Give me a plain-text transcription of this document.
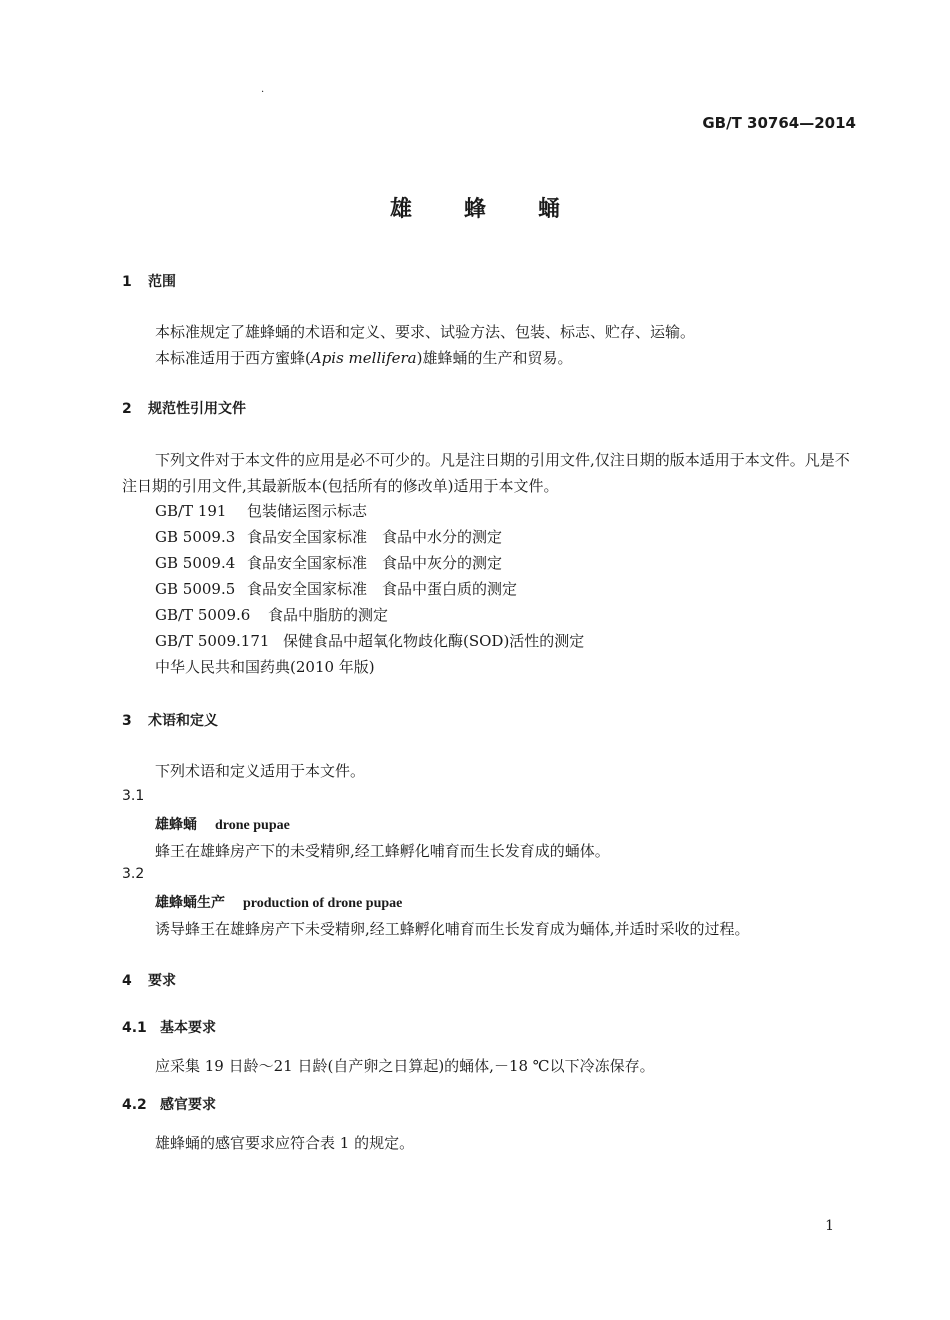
.
GB/T 30764—2014
雄 蜂 蛹
1 范围
本标准规定了雄蜂蛹的术语和定义、要求、试验方法、包装、标志、贮存、运输。
本标准适用于西方蜜蜂(Apis mellifera)雄蜂蛹的生产和贸易。
2 规范性引用文件
下列文件对于本文件的应用是必不可少的。凡是注日期的引用文件,仅注日期的版本适用于本文件。凡是不注日期的引用文件,其最新版本(包括所有的修改单)适用于本文件。
GB/T 191 包装储运图示标志
GB 5009.3 食品安全国家标准　食品中水分的测定
GB 5009.4 食品安全国家标准　食品中灰分的测定
GB 5009.5 食品安全国家标准　食品中蛋白质的测定
GB/T 5009.6 食品中脂肪的测定
GB/T 5009.171 保健食品中超氧化物歧化酶(SOD)活性的测定
中华人民共和国药典(2010 年版)
3 术语和定义
下列术语和定义适用于本文件。
3.1
雄蜂蛹 drone pupae
蜂王在雄蜂房产下的未受精卵,经工蜂孵化哺育而生长发育成的蛹体。
3.2
雄蜂蛹生产 production of drone pupae
诱导蜂王在雄蜂房产下未受精卵,经工蜂孵化哺育而生长发育成为蛹体,并适时采收的过程。
4 要求
4.1 基本要求
应采集 19 日龄～21 日龄(自产卵之日算起)的蛹体,－18 ℃以下冷冻保存。
4.2 感官要求
雄蜂蛹的感官要求应符合表 1 的规定。
1
